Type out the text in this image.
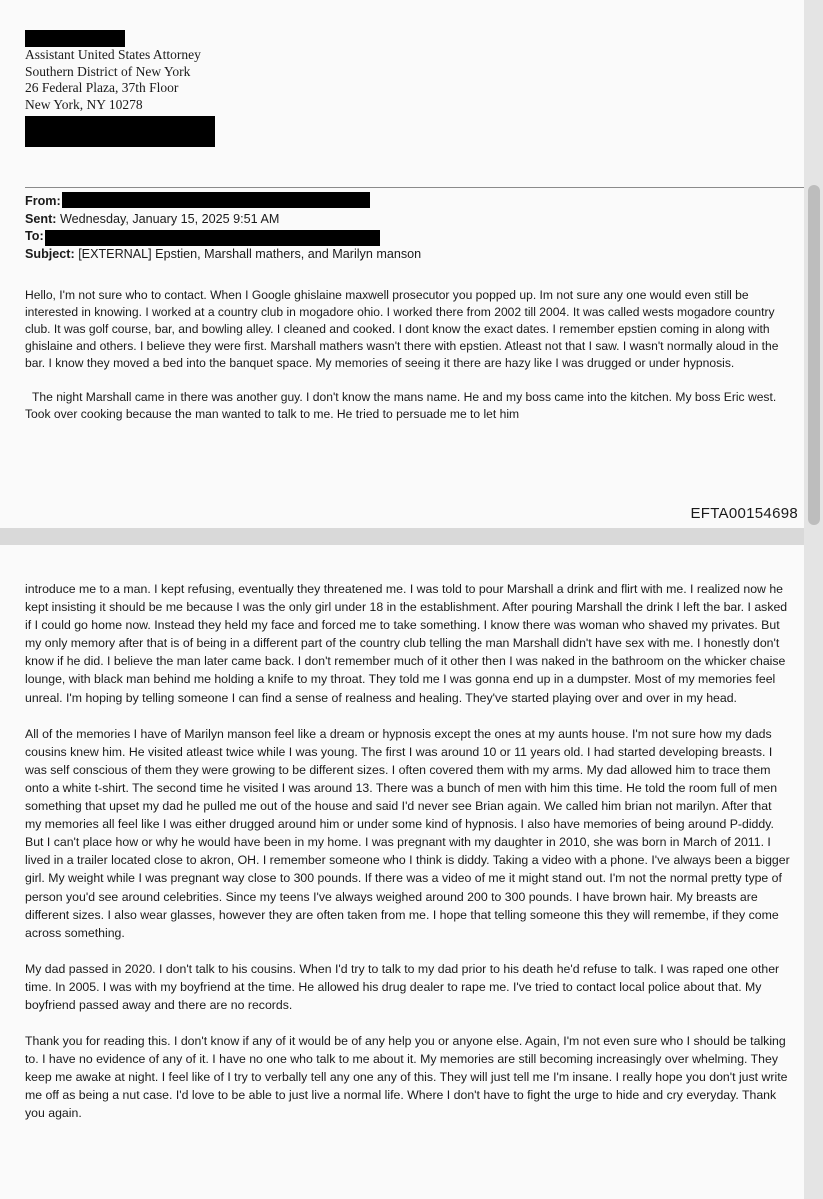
Assistant United States Attorney
Southern District of New York
26 Federal Plaza, 37th Floor
New York, NY 10278
From:
Sent: Wednesday, January 15, 2025 9:51 AM
To:
Subject: [EXTERNAL] Epstien, Marshall mathers, and Marilyn manson

Hello, I'm not sure who to contact. When I Google ghislaine maxwell prosecutor you popped up. Im not sure any one would even still be interested in knowing. I worked at a country club in mogadore ohio. I worked there from 2002 till 2004. It was called wests mogadore country club. It was golf course, bar, and bowling alley. I cleaned and cooked. I dont know the exact dates. I remember epstien coming in along with ghislaine and others. I believe they were first. Marshall mathers wasn't there with epstien. Atleast not that I saw. I wasn't normally aloud in the bar. I know they moved a bed into the banquet space. My memories of seeing it there are hazy like I was drugged or under hypnosis.

The night Marshall came in there was another guy. I don't know the mans name. He and my boss came into the kitchen. My boss Eric west. Took over cooking because the man wanted to talk to me. He tried to persuade me to let him

EFTA00154698

introduce me to a man. I kept refusing, eventually they threatened me. I was told to pour Marshall a drink and flirt with me. I realized now he kept insisting it should be me because I was the only girl under 18 in the establishment. After pouring Marshall the drink I left the bar. I asked if I could go home now. Instead they held my face and forced me to take something. I know there was woman who shaved my privates. But my only memory after that is of being in a different part of the country club telling the man Marshall didn't have sex with me. I honestly don't know if he did. I believe the man later came back. I don't remember much of it other then I was naked in the bathroom on the whicker chaise lounge, with black man behind me holding a knife to my throat. They told me I was gonna end up in a dumpster. Most of my memories feel unreal. I'm hoping by telling someone I can find a sense of realness and healing. They've started playing over and over in my head.

All of the memories I have of Marilyn manson feel like a dream or hypnosis except the ones at my aunts house. I'm not sure how my dads cousins knew him. He visited atleast twice while I was young. The first I was around 10 or 11 years old. I had started developing breasts. I was self conscious of them they were growing to be different sizes. I often covered them with my arms. My dad allowed him to trace them onto a white t-shirt. The second time he visited I was around 13. There was a bunch of men with him this time. He told the room full of men something that upset my dad he pulled me out of the house and said I'd never see Brian again. We called him brian not marilyn. After that my memories all feel like I was either drugged around him or under some kind of hypnosis. I also have memories of being around P-diddy. But I can't place how or why he would have been in my home. I was pregnant with my daughter in 2010, she was born in March of 2011. I lived in a trailer located close to akron, OH. I remember someone who I think is diddy. Taking a video with a phone. I've always been a bigger girl. My weight while I was pregnant way close to 300 pounds. If there was a video of me it might stand out. I'm not the normal pretty type of person you'd see around celebrities. Since my teens I've always weighed around 200 to 300 pounds. I have brown hair. My breasts are different sizes. I also wear glasses, however they are often taken from me. I hope that telling someone this they will remembe, if they come across something.

My dad passed in 2020. I don't talk to his cousins. When I'd try to talk to my dad prior to his death he'd refuse to talk. I was raped one other time. In 2005. I was with my boyfriend at the time. He allowed his drug dealer to rape me. I've tried to contact local police about that. My boyfriend passed away and there are no records.

Thank you for reading this. I don't know if any of it would be of any help you or anyone else. Again, I'm not even sure who I should be talking to. I have no evidence of any of it. I have no one who talk to me about it. My memories are still becoming increasingly over whelming. They keep me awake at night. I feel like of I try to verbally tell any one any of this. They will just tell me I'm insane. I really hope you don't just write me off as being a nut case. I'd love to be able to just live a normal life. Where I don't have to fight the urge to hide and cry everyday. Thank you again.
